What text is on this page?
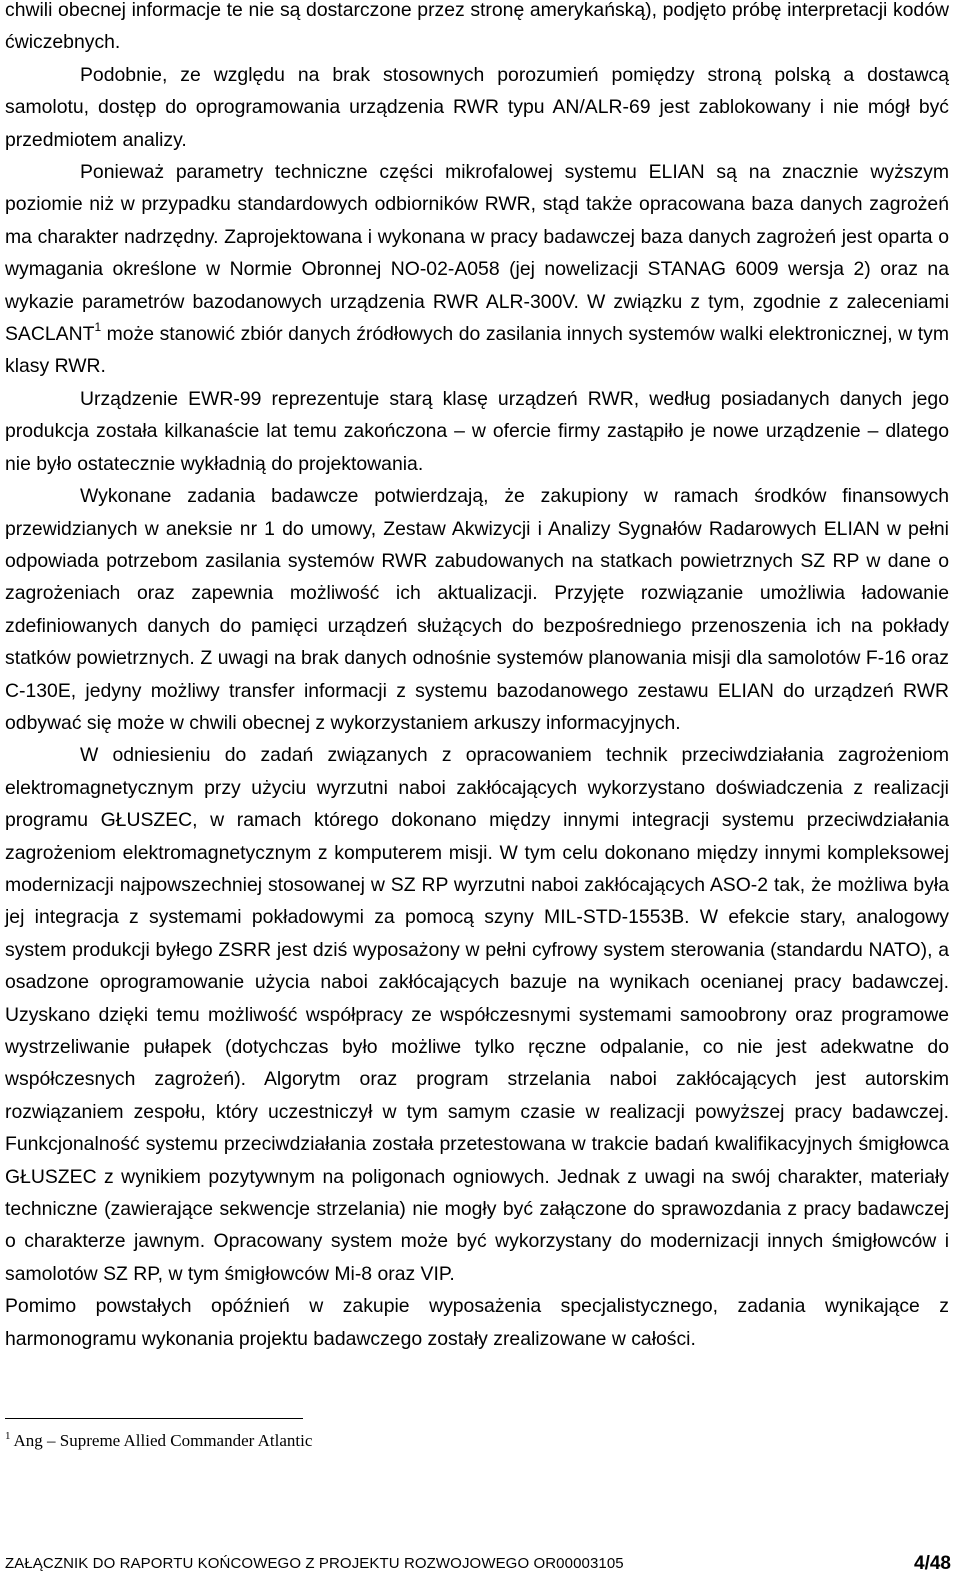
chwili obecnej informacje te nie są dostarczone przez stronę amerykańską), podjęto próbę interpretacji kodów ćwiczebnych.

Podobnie, ze względu na brak stosownych porozumień pomiędzy stroną polską a dostawcą samolotu, dostęp do oprogramowania urządzenia RWR typu AN/ALR-69 jest zablokowany i nie mógł być przedmiotem analizy.

Ponieważ parametry techniczne części mikrofalowej systemu ELIAN są na znacznie wyższym poziomie niż w przypadku standardowych odbiorników RWR, stąd także opracowana baza danych zagrożeń ma charakter nadrzędny. Zaprojektowana i wykonana w pracy badawczej baza danych zagrożeń jest oparta o wymagania określone w Normie Obronnej NO-02-A058 (jej nowelizacji STANAG 6009 wersja 2) oraz na wykazie parametrów bazodanowych urządzenia RWR ALR-300V. W związku z tym, zgodnie z zaleceniami SACLANT$^1$ może stanowić zbiór danych źródłowych do zasilania innych systemów walki elektronicznej, w tym klasy RWR.

Urządzenie EWR-99 reprezentuje starą klasę urządzeń RWR, według posiadanych danych jego produkcja została kilkanaście lat temu zakończona – w ofercie firmy zastąpiło je nowe urządzenie – dlatego nie było ostatecznie wykładnią do projektowania.

Wykonane zadania badawcze potwierdzają, że zakupiony w ramach środków finansowych przewidzianych w aneksie nr 1 do umowy, Zestaw Akwizycji i Analizy Sygnałów Radarowych ELIAN w pełni odpowiada potrzebom zasilania systemów RWR zabudowanych na statkach powietrznych SZ RP w dane o zagrożeniach oraz zapewnia możliwość ich aktualizacji. Przyjęte rozwiązanie umożliwia ładowanie zdefiniowanych danych do pamięci urządzeń służących do bezpośredniego przenoszenia ich na pokłady statków powietrznych. Z uwagi na brak danych odnośnie systemów planowania misji dla samolotów F-16 oraz C-130E, jedyny możliwy transfer informacji z systemu bazodanowego zestawu ELIAN do urządzeń RWR odbywać się może w chwili obecnej z wykorzystaniem arkuszy informacyjnych.

W odniesieniu do zadań związanych z opracowaniem technik przeciwdziałania zagrożeniom elektromagnetycznym przy użyciu wyrzutni naboi zakłócających wykorzystano doświadczenia z realizacji programu GŁUSZEC, w ramach którego dokonano między innymi integracji systemu przeciwdziałania zagrożeniom elektromagnetycznym z komputerem misji. W tym celu dokonano między innymi kompleksowej modernizacji najpowszechniej stosowanej w SZ RP wyrzutni naboi zakłócających ASO-2 tak, że możliwa była jej integracja z systemami pokładowymi za pomocą szyny MIL-STD-1553B. W efekcie stary, analogowy system produkcji byłego ZSRR jest dziś wyposażony w pełni cyfrowy system sterowania (standardu NATO), a osadzone oprogramowanie użycia naboi zakłócających bazuje na wynikach ocenianej pracy badawczej. Uzyskano dzięki temu możliwość współpracy ze współczesnymi systemami samoobrony oraz programowe wystrzeliwanie pułapek (dotychczas było możliwe tylko ręczne odpalanie, co nie jest adekwatne do współczesnych zagrożeń). Algorytm oraz program strzelania naboi zakłócających jest autorskim rozwiązaniem zespołu, który uczestniczył w tym samym czasie w realizacji powyższej pracy badawczej. Funkcjonalność systemu przeciwdziałania została przetestowana w trakcie badań kwalifikacyjnych śmigłowca GŁUSZEC z wynikiem pozytywnym na poligonach ogniowych. Jednak z uwagi na swój charakter, materiały techniczne (zawierające sekwencje strzelania) nie mogły być załączone do sprawozdania z pracy badawczej o charakterze jawnym. Opracowany system może być wykorzystany do modernizacji innych śmigłowców i samolotów SZ RP, w tym śmigłowców Mi-8 oraz VIP.

Pomimo powstałych opóźnień w zakupie wyposażenia specjalistycznego, zadania wynikające z harmonogramu wykonania projektu badawczego zostały zrealizowane w całości.

$^1$ Ang – Supreme Allied Commander Atlantic
ZAŁĄCZNIK DO RAPORTU KOŃCOWEGO Z PROJEKTU ROZWOJOWEGO OR00003105	4/48
